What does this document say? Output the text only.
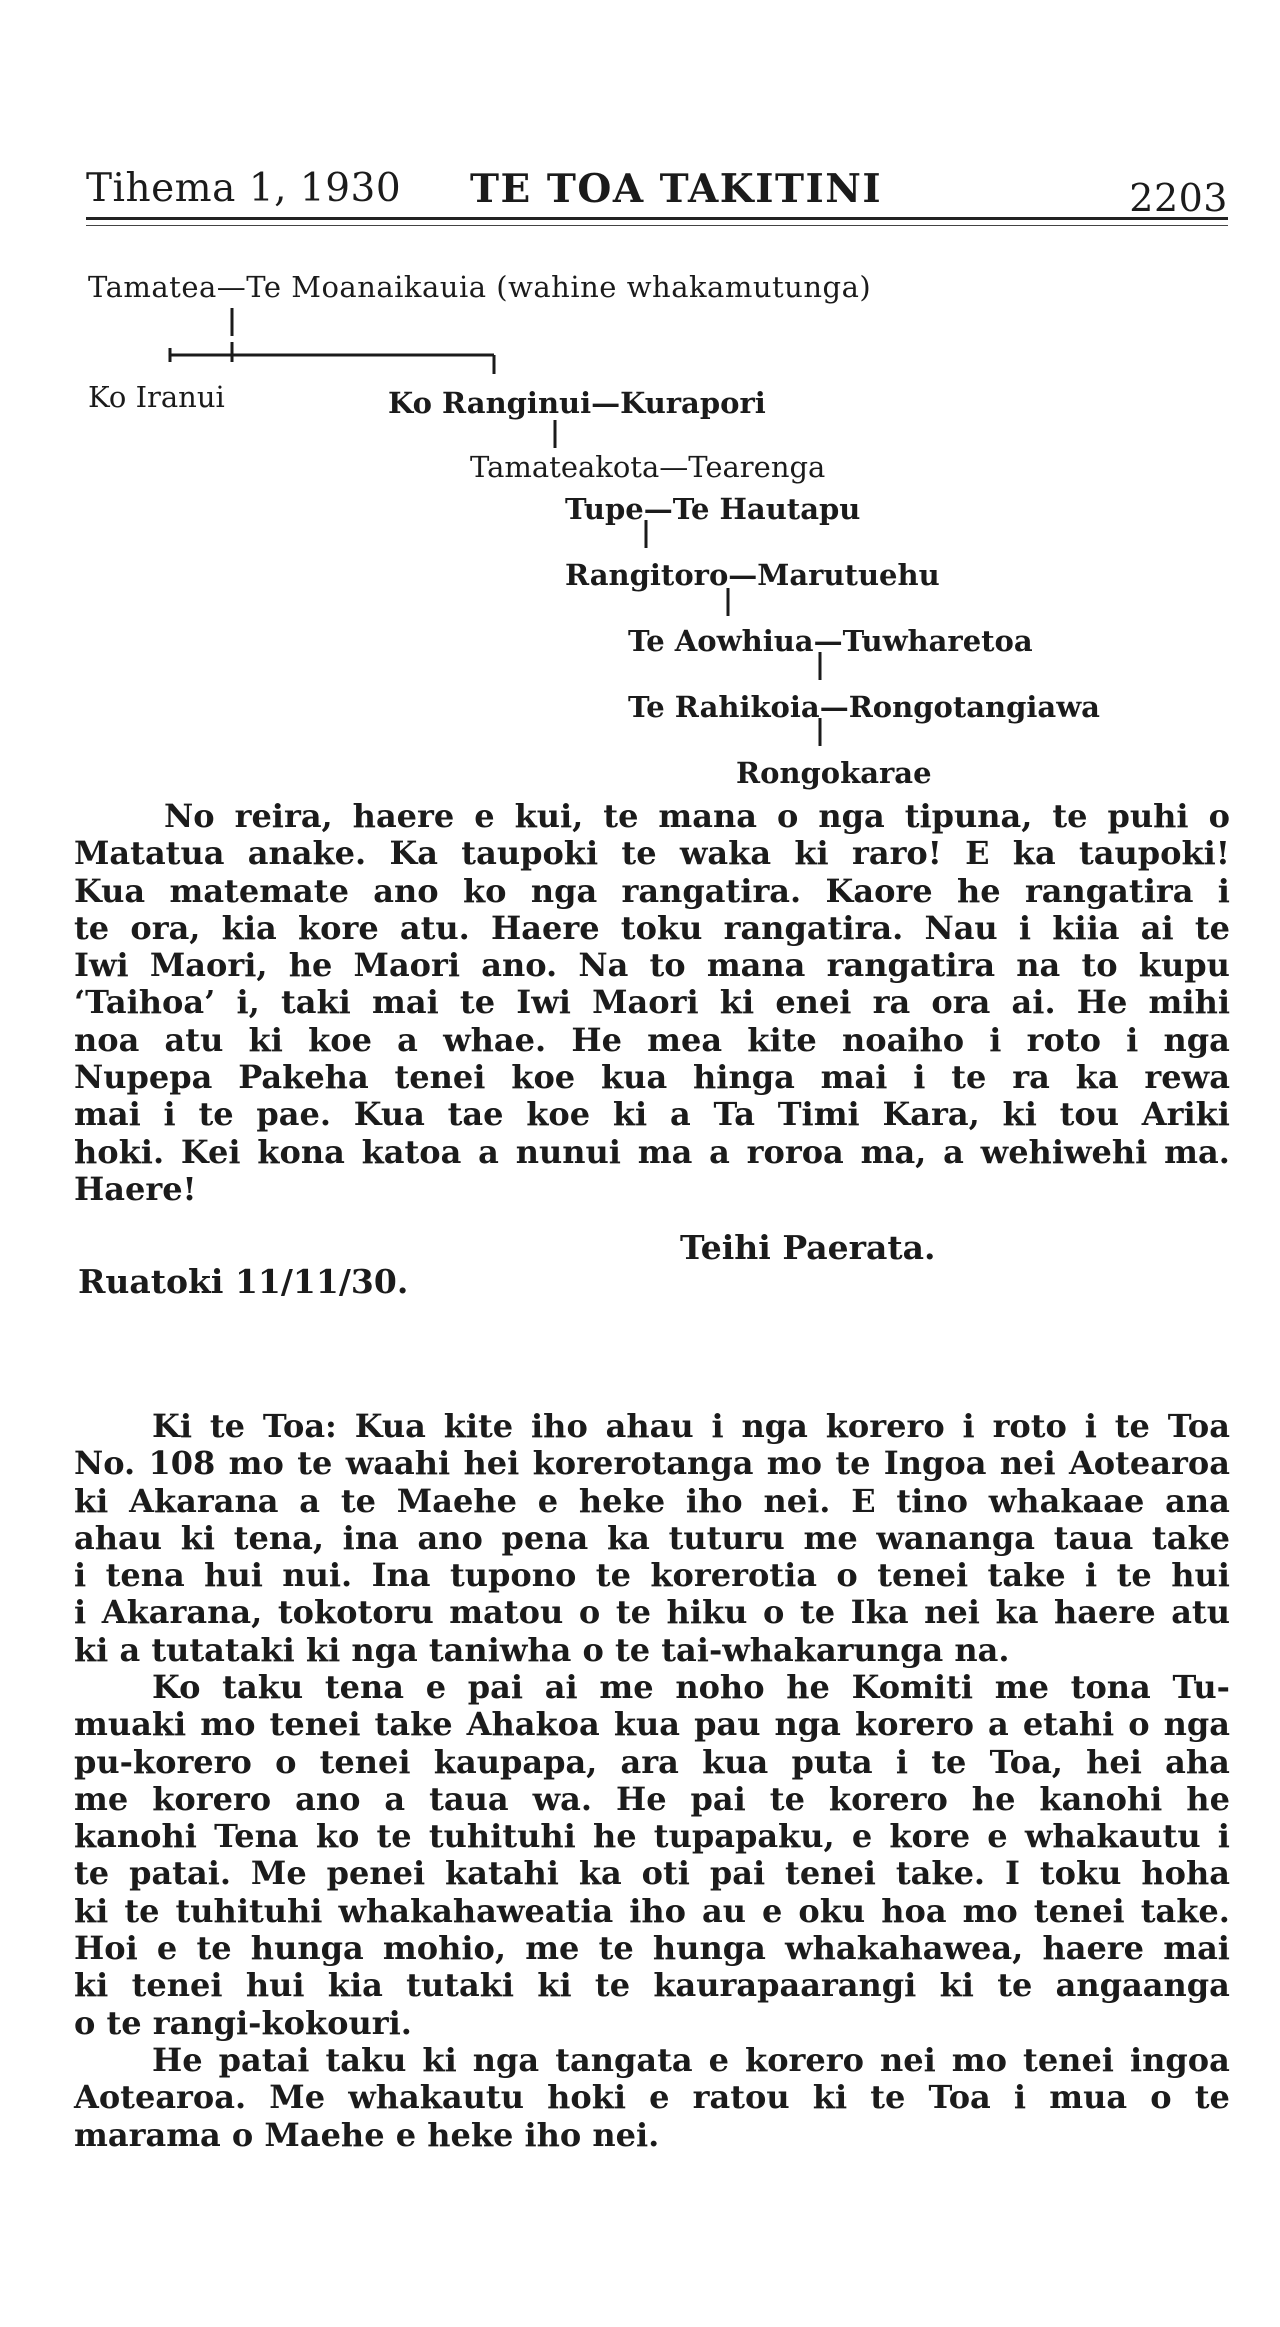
Tihema 1, 1930 TE TOA TAKITINI	2203
Tamatea—Te Moanaikauia (wahine whakamutunga)
Ko Iranui	Ko Ranginui—Kurapori
Tamateakota—Tearenga
Tupe—Te Hautapu
Rangitoro—Marutuehu
Te Aowhiua—Tuwharetoa
Te Rahikoia—Rongotangiawa
Rongokarae
No reira, haere e kui, te mana o nga tipuna, te puhi o
Matatua anake. Ka taupoki te waka ki raro! E ka taupoki!
Kua matemate ano ko nga rangatira. Kaore he rangatira i
te ora, kia kore atu. Haere toku rangatira. Nau i kiia ai te
Iwi Maori, he Maori ano. Na to mana rangatira na to kupu
‘Taihoa’ i, taki mai te Iwi Maori ki enei ra ora ai. He mihi
noa atu ki koe a whae. He mea kite noaiho i roto i nga
Nupepa Pakeha tenei koe kua hinga mai i te ra ka rewa
mai i te pae. Kua tae koe ki a Ta Timi Kara, ki tou Ariki
hoki. Kei kona katoa a nunui ma a roroa ma, a wehiwehi ma.
Haere!
Teihi Paerata.
Ruatoki 11/11/30.
Ki te Toa: Kua kite iho ahau i nga korero i roto i te Toa
No. 108 mo te waahi hei korerotanga mo te Ingoa nei Aotearoa
ki Akarana a te Maehe e heke iho nei. E tino whakaae ana
ahau ki tena, ina ano pena ka tuturu me wananga taua take
i tena hui nui. Ina tupono te korerotia o tenei take i te hui
i Akarana, tokotoru matou o te hiku o te Ika nei ka haere atu
ki a tutataki ki nga taniwha o te tai-whakarunga na.
Ko taku tena e pai ai me noho he Komiti me tona Tu-
muaki mo tenei take Ahakoa kua pau nga korero a etahi o nga
pu-korero o tenei kaupapa, ara kua puta i te Toa, hei aha
me korero ano a taua wa. He pai te korero he kanohi he
kanohi Tena ko te tuhituhi he tupapaku, e kore e whakautu i
te patai. Me penei katahi ka oti pai tenei take. I toku hoha
ki te tuhituhi whakahaweatia iho au e oku hoa mo tenei take.
Hoi e te hunga mohio, me te hunga whakahawea, haere mai
ki tenei hui kia tutaki ki te kaurapaarangi ki te angaanga
o te rangi-kokouri.
He patai taku ki nga tangata e korero nei mo tenei ingoa
Aotearoa. Me whakautu hoki e ratou ki te Toa i mua o te
marama o Maehe e heke iho nei.
